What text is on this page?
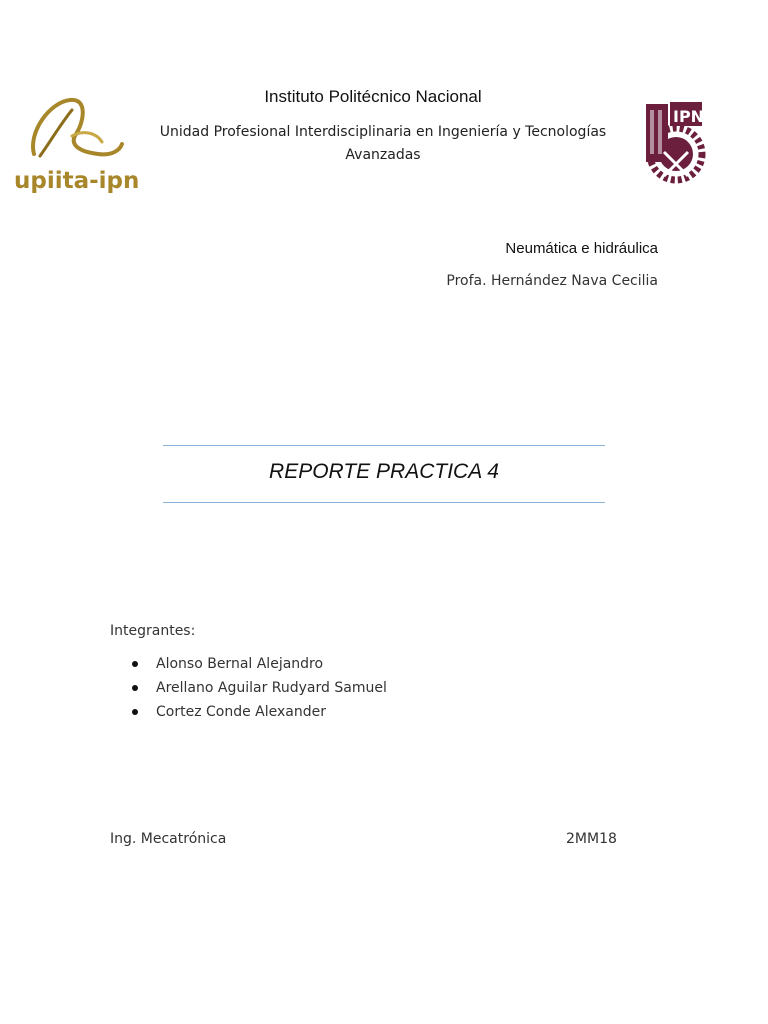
upiita-ipn
IPN
Instituto Politécnico Nacional
Unidad Profesional Interdisciplinaria en Ingeniería y Tecnologías Avanzadas
Neumática e hidráulica
Profa. Hernández Nava Cecilia
REPORTE PRACTICA 4
Integrantes:
Alonso Bernal Alejandro
Arellano Aguilar Rudyard Samuel
Cortez Conde Alexander
Ing. Mecatrónica	2MM18
